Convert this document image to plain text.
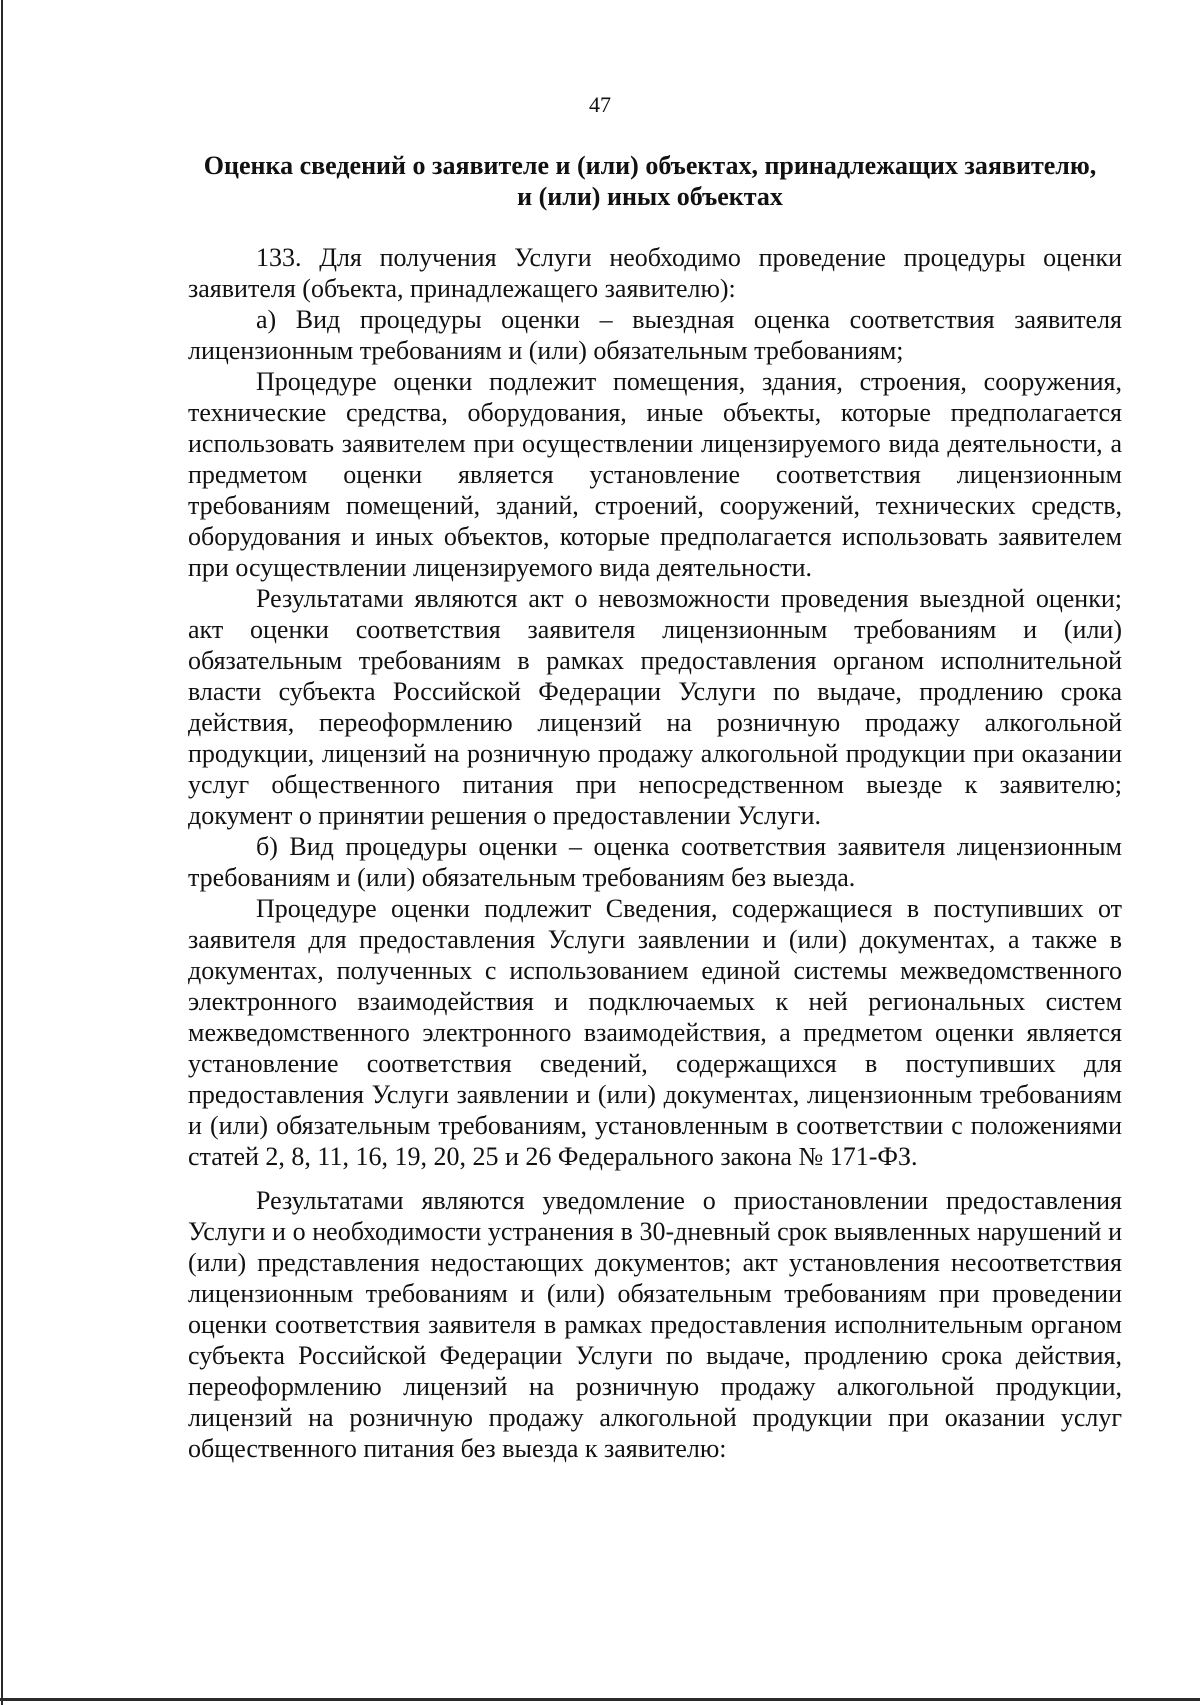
47
Оценка сведений о заявителе и (или) объектах, принадлежащих заявителю,
и (или) иных объектах

133. Для получения Услуги необходимо проведение процедуры оценки заявителя (объекта, принадлежащего заявителю):

а) Вид процедуры оценки – выездная оценка соответствия заявителя лицензионным требованиям и (или) обязательным требованиям;

Процедуре оценки подлежит помещения, здания, строения, сооружения, технические средства, оборудования, иные объекты, которые предполагается использовать заявителем при осуществлении лицензируемого вида деятельности, а предметом оценки является установление соответствия лицензионным требованиям помещений, зданий, строений, сооружений, технических средств, оборудования и иных объектов, которые предполагается использовать заявителем при осуществлении лицензируемого вида деятельности.

Результатами являются акт о невозможности проведения выездной оценки; акт оценки соответствия заявителя лицензионным требованиям и (или) обязательным требованиям в рамках предоставления органом исполнительной власти субъекта Российской Федерации Услуги по выдаче, продлению срока действия, переоформлению лицензий на розничную продажу алкогольной продукции, лицензий на розничную продажу алкогольной продукции при оказании услуг общественного питания при непосредственном выезде к заявителю; документ о принятии решения о предоставлении Услуги.

б) Вид процедуры оценки – оценка соответствия заявителя лицензионным требованиям и (или) обязательным требованиям без выезда.

Процедуре оценки подлежит Сведения, содержащиеся в поступивших от заявителя для предоставления Услуги заявлении и (или) документах, а также в документах, полученных с использованием единой системы межведомственного электронного взаимодействия и подключаемых к ней региональных систем межведомственного электронного взаимодействия, а предметом оценки является установление соответствия сведений, содержащихся в поступивших для предоставления Услуги заявлении и (или) документах, лицензионным требованиям и (или) обязательным требованиям, установленным в соответствии с положениями статей 2, 8, 11, 16, 19, 20, 25 и 26 Федерального закона № 171-ФЗ.

Результатами являются уведомление о приостановлении предоставления Услуги и о необходимости устранения в 30-дневный срок выявленных нарушений и (или) представления недостающих документов; акт установления несоответствия лицензионным требованиям и (или) обязательным требованиям при проведении оценки соответствия заявителя в рамках предоставления исполнительным органом субъекта Российской Федерации Услуги по выдаче, продлению срока действия, переоформлению лицензий на розничную продажу алкогольной продукции, лицензий на розничную продажу алкогольной продукции при оказании услуг общественного питания без выезда к заявителю:
